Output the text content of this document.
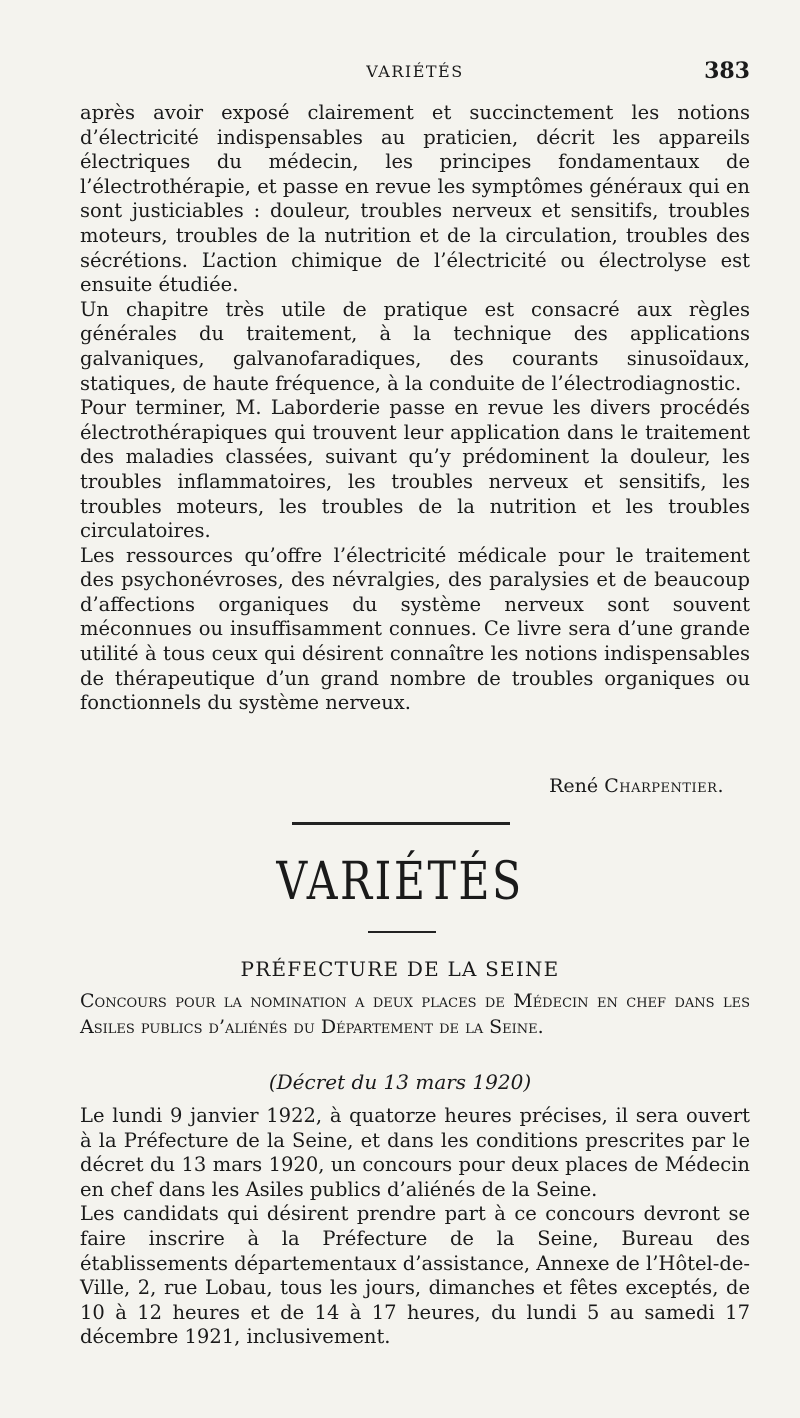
VARIÉTÉS	383

après avoir exposé clairement et succinctement les notions d’électricité indispensables au praticien, décrit les appareils électriques du médecin, les principes fondamentaux de l’électrothérapie, et passe en revue les symptômes généraux qui en sont justiciables : douleur, troubles nerveux et sensitifs, troubles moteurs, troubles de la nutrition et de la circulation, troubles des sécrétions. L’action chimique de l’électricité ou électrolyse est ensuite étudiée.

Un chapitre très utile de pratique est consacré aux règles générales du traitement, à la technique des applications galvaniques, galvanofaradiques, des courants sinusoïdaux, statiques, de haute fréquence, à la conduite de l’électrodiagnostic.

Pour terminer, M. Laborderie passe en revue les divers procédés électrothérapiques qui trouvent leur application dans le traitement des maladies classées, suivant qu’y prédominent la douleur, les troubles inflammatoires, les troubles nerveux et sensitifs, les troubles moteurs, les troubles de la nutrition et les troubles circulatoires.

Les ressources qu’offre l’électricité médicale pour le traitement des psychonévroses, des névralgies, des paralysies et de beaucoup d’affections organiques du système nerveux sont souvent méconnues ou insuffisamment connues. Ce livre sera d’une grande utilité à tous ceux qui désirent connaître les notions indispensables de thérapeutique d’un grand nombre de troubles organiques ou fonctionnels du système nerveux.

René Charpentier.
VARIÉTÉS
PRÉFECTURE DE LA SEINE
Concours pour la nomination a deux places de Médecin en chef dans les Asiles publics d’aliénés du Département de la Seine.
(Décret du 13 mars 1920)

Le lundi 9 janvier 1922, à quatorze heures précises, il sera ouvert à la Préfecture de la Seine, et dans les conditions prescrites par le décret du 13 mars 1920, un concours pour deux places de Médecin en chef dans les Asiles publics d’aliénés de la Seine.

Les candidats qui désirent prendre part à ce concours devront se faire inscrire à la Préfecture de la Seine, Bureau des établissements départementaux d’assistance, Annexe de l’Hôtel-de-Ville, 2, rue Lobau, tous les jours, dimanches et fêtes exceptés, de 10 à 12 heures et de 14 à 17 heures, du lundi 5 au samedi 17 décembre 1921, inclusivement.
